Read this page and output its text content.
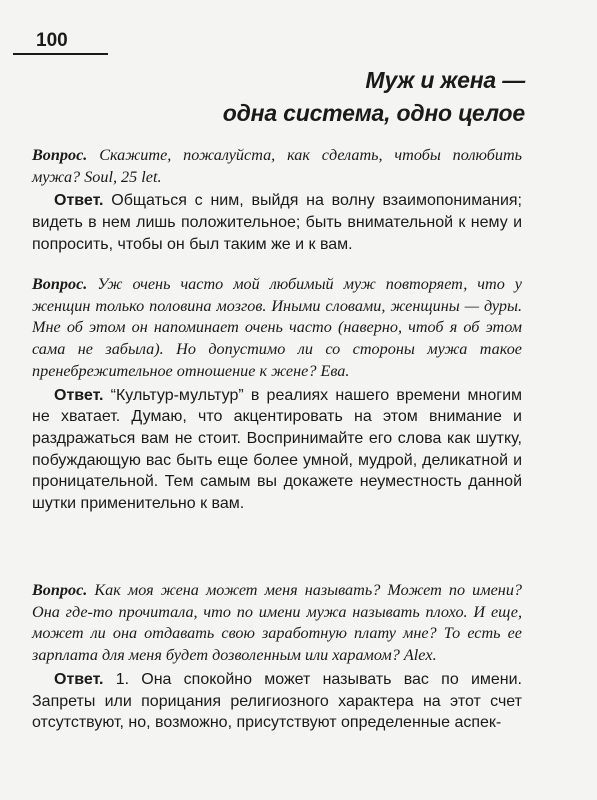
100
Муж и жена —
одна система, одно целое

Вопрос. Скажите, пожалуйста, как сделать, чтобы полюбить мужа? Soul, 25 let.

Ответ. Общаться с ним, выйдя на волну взаимопонимания; видеть в нем лишь положительное; быть внимательной к нему и попросить, чтобы он был таким же и к вам.

Вопрос. Уж очень часто мой любимый муж повторяет, что у женщин только половина мозгов. Иными словами, женщины — дуры. Мне об этом он напоминает очень часто (наверно, чтоб я об этом сама не забыла). Но допустимо ли со стороны мужа такое пренебрежительное отношение к жене? Ева.

Ответ. “Культур-мультур” в реалиях нашего времени многим не хватает. Думаю, что акцентировать на этом внимание и раздражаться вам не стоит. Воспринимайте его слова как шутку, побуждающую вас быть еще более умной, мудрой, деликатной и проницательной. Тем самым вы докажете неуместность данной шутки применительно к вам.

Вопрос. Как моя жена может меня называть? Может по имени? Она где-то прочитала, что по имени мужа называть плохо. И еще, может ли она отдавать свою заработную плату мне? То есть ее зарплата для меня будет дозволенным или харамом? Alex.

Ответ. 1. Она спокойно может называть вас по имени. Запреты или порицания религиозного характера на этот счет отсутствуют, но, возможно, присутствуют определенные аспек-
